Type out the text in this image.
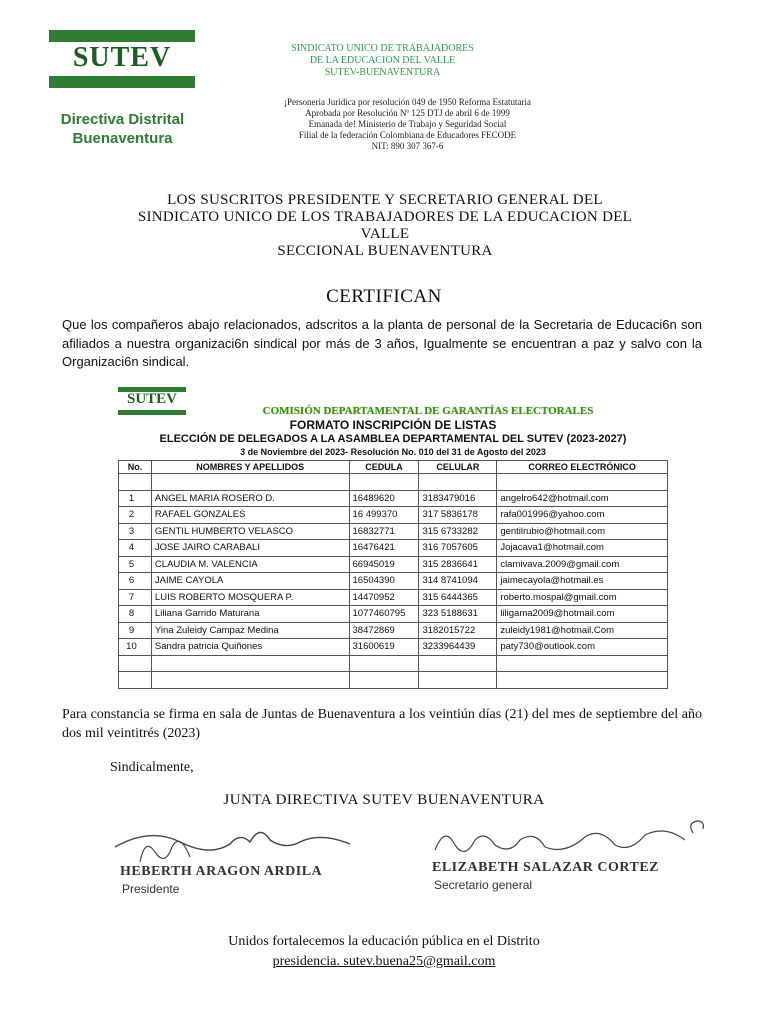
SUTEV
Directiva Distrital
Buenaventura
SINDICATO UNICO DE TRABAJADORES
DE LA EDUCACION DEL VALLE
SUTEV-BUENAVENTURA
¡Personeria Juridica por resolución 049 de 1950 Reforma Estatutaria
Aprobada por Resolución Nº 125 DTJ de abril 6 de 1999
Emanada de! Ministerio de Trabajo y Seguridad Social
Filial de la federación Colombiana de Educadores FECODE
NIT: 890 307 367-6
LOS SUSCRITOS PRESIDENTE Y SECRETARIO GENERAL DEL
SINDICATO UNICO DE LOS TRABAJADORES DE LA EDUCACION DEL
VALLE
SECCIONAL BUENAVENTURA
CERTIFICAN
Que los compañeros abajo relacionados, adscritos a la planta de personal de la Secretaria de Educaci6n son afiliados a nuestra organizaci6n sindical por más de 3 años, Igualmente se encuentran a paz y salvo con la Organizaci6n sindical.
SUTEV
COMISIÓN DEPARTAMENTAL DE GARANTÍAS ELECTORALES
FORMATO INSCRIPCIÓN DE LISTAS
ELECCIÓN DE DELEGADOS A LA ASAMBLEA DEPARTAMENTAL DEL SUTEV (2023-2027)
3 de Noviembre del 2023- Resolución No. 010 del 31 de Agosto del 2023
No.	NOMBRES Y APELLIDOS	CEDULA	CELULAR	CORREO ELECTRÓNICO

1	ANGEL MARIA ROSERO D.	16489620	3183479016	angelro642@hotmail.com
2	RAFAEL GONZALES	16 499370	317 5836178	rafa001996@yahoo.com
3	GENTIL HUMBERTO VELASCO	16832771	315 6733282	gentilrubio@hotmail.com
4	JOSE JAIRO CARABALI	16476421	316 7057605	Jojacava1@hotmail.com
5	CLAUDIA M. VALENCIA	66945019	315 2836641	clamivava.2009@gmail.com
6	JAIME CAYOLA	16504390	314 8741094	jaimecayola@hotmail.es
7	LUIS ROBERTO MOSQUERA P.	14470952	315 6444365	roberto.mospal@gmail.com
8	Liliana Garrido Maturana	1077460795	323 5188631	liligama2009@hotmail.com
9	Yina Zuleidy Campaz Medina	38472869	3182015722	zuleidy1981@hotmail.Com
10	Sandra patricia Quiñones	31600619	3233964439	paty730@outlook.com

Para constancia se firma en sala de Juntas de Buenaventura a los veintiún días (21) del mes de septiembre del año dos mil veintitrés (2023)
Sindicalmente,
JUNTA DIRECTIVA SUTEV BUENAVENTURA
HEBERTH ARAGON ARDILA
Presidente
ELIZABETH SALAZAR CORTEZ
Secretario general
Unidos fortalecemos la educación pública en el Distrito
presidencia. sutev.buena25@gmail.com
